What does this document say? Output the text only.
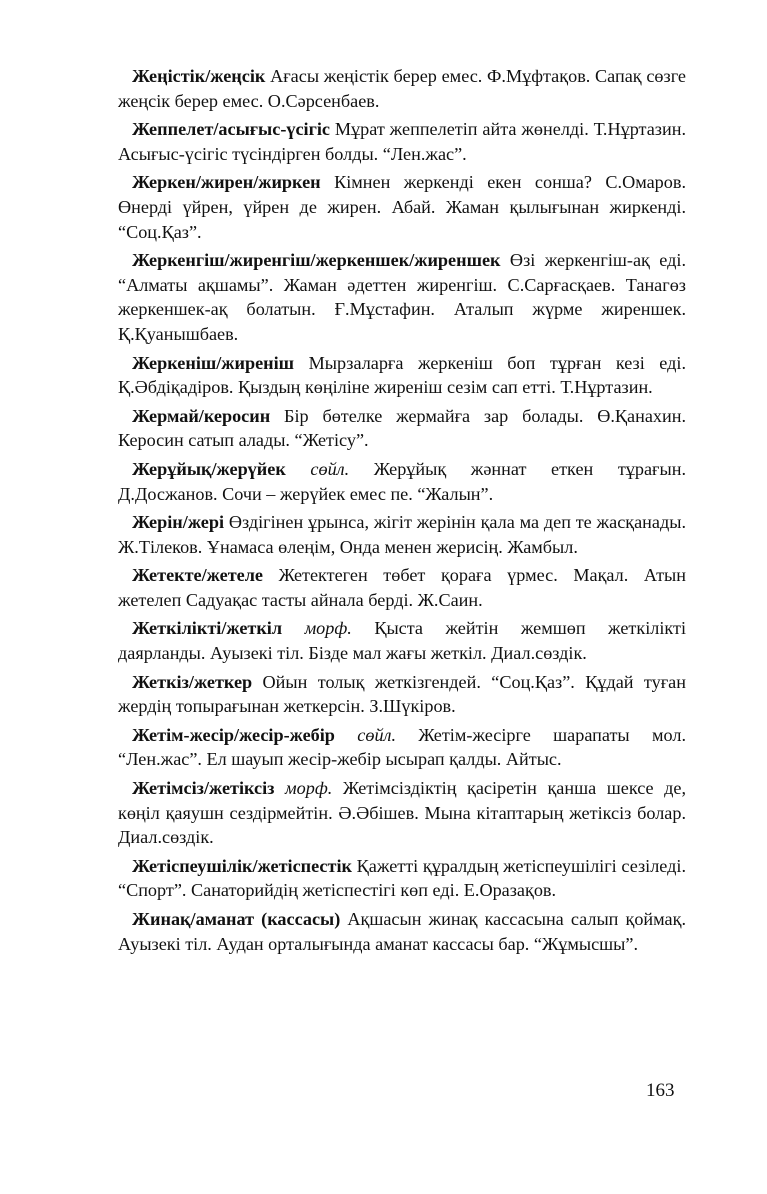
Жеңістік/жеңсік Ағасы жеңістік берер емес. Ф.Мұфтақов. Сапақ сөзге жеңсік берер емес. О.Сәрсенбаев.

Жеппелет/асығыс-үсігіс Мұрат жеппелетіп айта жөнелді. Т.Нұртазин. Асығыс-үсігіс түсіндірген болды. “Лен.жас”.

Жеркен/жирен/жиркен Кімнен жеркенді екен соншa? С.Омаров. Өнерді үйрен, үйрен де жирен. Абай. Жаман қылығынан жиркенді. “Соц.Қаз”.

Жеркенгіш/жиренгіш/жеркеншек/жиреншек Өзі жеркенгіш-ақ еді. “Алматы ақшамы”. Жаман әдеттен жиренгіш. С.Сарғасқаев. Танагөз жеркеншек-ақ болатын. Ғ.Мұстафин. Аталып жүрме жиреншек. Қ.Қуанышбаев.

Жеркеніш/жиреніш Мырзаларға жеркеніш боп тұрған кезі еді. Қ.Әбдіқадіров. Қыздың көңіліне жиреніш сезім сап етті. Т.Нұртазин.

Жермай/керосин Бір бөтелке жермайға зар болады. Ө.Қанахин. Керосин сатып алады. “Жетісу”.

Жерұйық/жерүйек сөйл. Жерұйық жәннат еткен тұрағын. Д.Досжанов. Сочи – жерүйек емес пе. “Жалын”.

Жерін/жері Өздігінен ұрынса, жігіт жерінін қала ма деп те жасқанады. Ж.Тілеков. Ұнамаса өлеңім, Онда менен жерисің. Жамбыл.

Жетекте/жетеле Жетектеген төбет қораға үрмес. Мақал. Атын жетелеп Садуақас тасты айнала берді. Ж.Саин.

Жеткілікті/жеткіл морф. Қыста жейтін жемшөп жеткілікті даярланды. Ауызекі тіл. Бізде мал жағы жеткіл. Диал.сөздік.

Жеткіз/жеткер Ойын толық жеткізгендей. “Соц.Қаз”. Құдай туған жердің топырағынан жеткерсін. З.Шүкіров.

Жетім-жесір/жесір-жебір сөйл. Жетім-жесірге шарапаты мол. “Лен.жас”. Ел шауып жесір-жебір ысырап қалды. Айтыс.

Жетімсіз/жетіксіз морф. Жетімсіздіктің қасіретін қанша шексе де, көңіл қаяушн сездірмейтін. Ә.Әбішев. Мына кітаптарың жетіксіз болар. Диал.сөздік.

Жетіспеушілік/жетіспестік Қажетті құралдың жетіспеушілігі сезіледі. “Спорт”. Санаторийдің жетіспестігі көп еді. Е.Оразақов.

Жинақ/аманат (кассасы) Ақшасын жинақ кассасына салып қоймақ. Ауызекі тіл. Аудан орталығында аманат кассасы бар. “Жұмысшы”.

163
